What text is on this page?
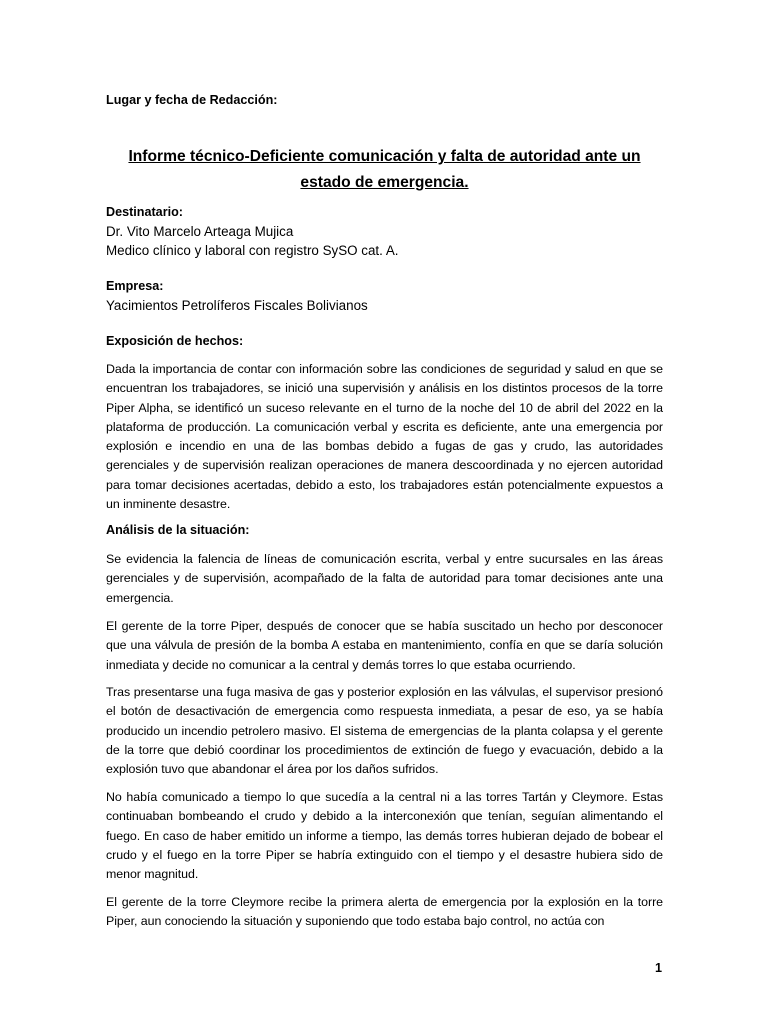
Lugar y fecha de Redacción:
Informe técnico-Deficiente comunicación y falta de autoridad ante un
estado de emergencia.
Destinatario:
Dr. Vito Marcelo Arteaga Mujica
Medico clínico y laboral con registro SySO cat. A.
Empresa:
Yacimientos Petrolíferos Fiscales Bolivianos
Exposición de hechos:

Dada la importancia de contar con información sobre las condiciones de seguridad y salud en que se encuentran los trabajadores, se inició una supervisión y análisis en los distintos procesos de la torre Piper Alpha, se identificó un suceso relevante en el turno de la noche del 10 de abril del 2022 en la plataforma de producción. La comunicación verbal y escrita es deficiente, ante una emergencia por explosión e incendio en una de las bombas debido a fugas de gas y crudo, las autoridades gerenciales y de supervisión realizan operaciones de manera descoordinada y no ejercen autoridad para tomar decisiones acertadas, debido a esto, los trabajadores están potencialmente expuestos a un inminente desastre.

Análisis de la situación:

Se evidencia la falencia de líneas de comunicación escrita, verbal y entre sucursales en las áreas gerenciales y de supervisión, acompañado de la falta de autoridad para tomar decisiones ante una emergencia.

El gerente de la torre Piper, después de conocer que se había suscitado un hecho por desconocer que una válvula de presión de la bomba A estaba en mantenimiento, confía en que se daría solución inmediata y decide no comunicar a la central y demás torres lo que estaba ocurriendo.

Tras presentarse una fuga masiva de gas y posterior explosión en las válvulas, el supervisor presionó el botón de desactivación de emergencia como respuesta inmediata, a pesar de eso, ya se había producido un incendio petrolero masivo. El sistema de emergencias de la planta colapsa y el gerente de la torre que debió coordinar los procedimientos de extinción de fuego y evacuación, debido a la explosión tuvo que abandonar el área por los daños sufridos.

No había comunicado a tiempo lo que sucedía a la central ni a las torres Tartán y Cleymore. Estas continuaban bombeando el crudo y debido a la interconexión que tenían, seguían alimentando el fuego. En caso de haber emitido un informe a tiempo, las demás torres hubieran dejado de bobear el crudo y el fuego en la torre Piper se habría extinguido con el tiempo y el desastre hubiera sido de menor magnitud.

El gerente de la torre Cleymore recibe la primera alerta de emergencia por la explosión en la torre Piper, aun conociendo la situación y suponiendo que todo estaba bajo control, no actúa con

1
